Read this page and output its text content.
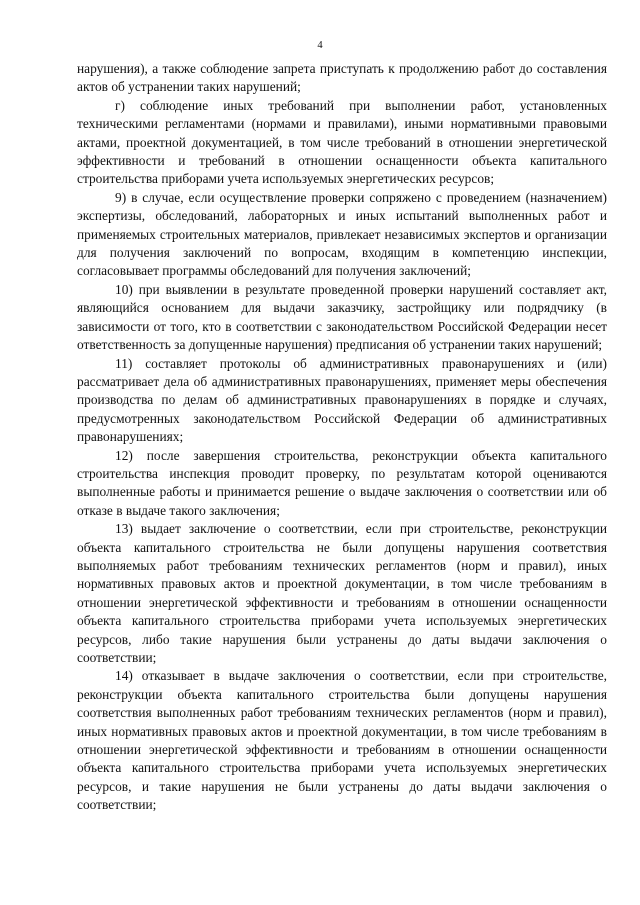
4

нарушения), а также соблюдение запрета приступать к продолжению работ до составления актов об устранении таких нарушений;

г) соблюдение иных требований при выполнении работ, установленных техническими регламентами (нормами и правилами), иными нормативными правовыми актами, проектной документацией, в том числе требований в отношении энергетической эффективности и требований в отношении оснащенности объекта капитального строительства приборами учета используемых энергетических ресурсов;

9) в случае, если осуществление проверки сопряжено с проведением (назначением) экспертизы, обследований, лабораторных и иных испытаний выполненных работ и применяемых строительных материалов, привлекает независимых экспертов и организации для получения заключений по вопросам, входящим в компетенцию инспекции, согласовывает программы обследований для получения заключений;

10) при выявлении в результате проведенной проверки нарушений составляет акт, являющийся основанием для выдачи заказчику, застройщику или подрядчику (в зависимости от того, кто в соответствии с законодательством Российской Федерации несет ответственность за допущенные нарушения) предписания об устранении таких нарушений;

11) составляет протоколы об административных правонарушениях и (или) рассматривает дела об административных правонарушениях, применяет меры обеспечения производства по делам об административных правонарушениях в порядке и случаях, предусмотренных законодательством Российской Федерации об административных правонарушениях;

12) после завершения строительства, реконструкции объекта капитального строительства инспекция проводит проверку, по результатам которой оцениваются выполненные работы и принимается решение о выдаче заключения о соответствии или об отказе в выдаче такого заключения;

13) выдает заключение о соответствии, если при строительстве, реконструкции объекта капитального строительства не были допущены нарушения соответствия выполняемых работ требованиям технических регламентов (норм и правил), иных нормативных правовых актов и проектной документации, в том числе требованиям в отношении энергетической эффективности и требованиям в отношении оснащенности объекта капитального строительства приборами учета используемых энергетических ресурсов, либо такие нарушения были устранены до даты выдачи заключения о соответствии;

14) отказывает в выдаче заключения о соответствии, если при строительстве, реконструкции объекта капитального строительства были допущены нарушения соответствия выполненных работ требованиям технических регламентов (норм и правил), иных нормативных правовых актов и проектной документации, в том числе требованиям в отношении энергетической эффективности и требованиям в отношении оснащенности объекта капитального строительства приборами учета используемых энергетических ресурсов, и такие нарушения не были устранены до даты выдачи заключения о соответствии;
